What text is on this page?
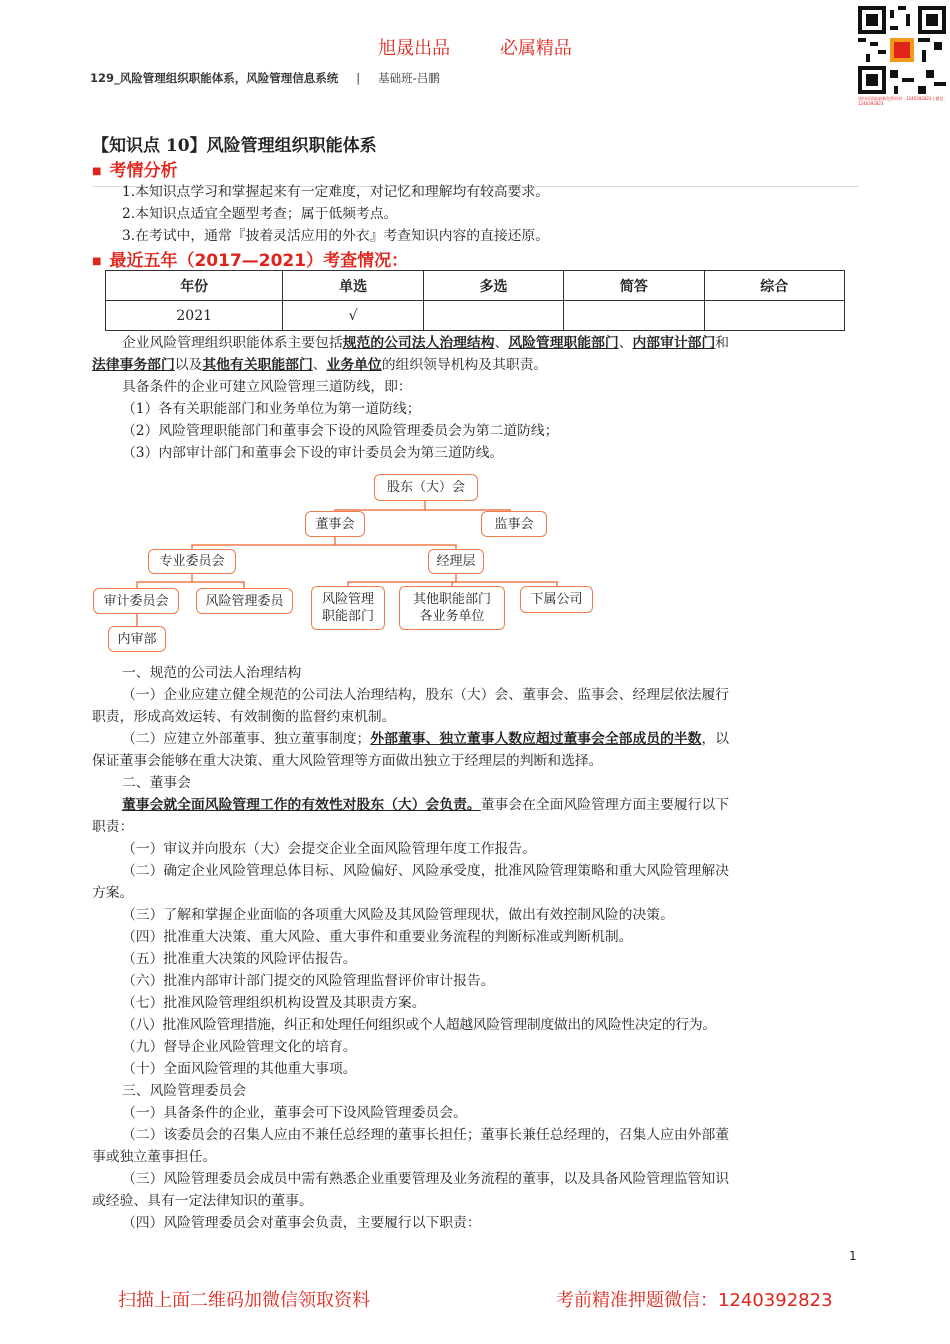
旭晟出品	必属精品
129_风险管理组织职能体系，风险管理信息系统 | 基础班-吕鹏
请扫码领取最新免费资料：1240392823 | 微信：1240392823
【知识点 10】风险管理组织职能体系
■ 考情分析
1.本知识点学习和掌握起来有一定难度，对记忆和理解均有较高要求。
2.本知识点适宜全题型考查；属于低频考点。
3.在考试中，通常『披着灵活应用的外衣』考查知识内容的直接还原。
■ 最近五年（2017—2021）考查情况：
年份	单选	多选	简答	综合
2021	√			
企业风险管理组织职能体系主要包括规范的公司法人治理结构、风险管理职能部门、内部审计部门和
法律事务部门以及其他有关职能部门、业务单位的组织领导机构及其职责。
具备条件的企业可建立风险管理三道防线，即：
（1）各有关职能部门和业务单位为第一道防线；
（2）风险管理职能部门和董事会下设的风险管理委员会为第二道防线；
（3）内部审计部门和董事会下设的审计委员会为第三道防线。
股东（大）会
董事会	监事会
专业委员会	经理层
审计委员会	风险管理委员
内审部
风险管理
职能部门
其他职能部门
各业务单位
下属公司
一、规范的公司法人治理结构
（一）企业应建立健全规范的公司法人治理结构，股东（大）会、董事会、监事会、经理层依法履行
职责，形成高效运转、有效制衡的监督约束机制。
（二）应建立外部董事、独立董事制度；外部董事、独立董事人数应超过董事会全部成员的半数，以
保证董事会能够在重大决策、重大风险管理等方面做出独立于经理层的判断和选择。
二、董事会
董事会就全面风险管理工作的有效性对股东（大）会负责。董事会在全面风险管理方面主要履行以下
职责：
（一）审议并向股东（大）会提交企业全面风险管理年度工作报告。
（二）确定企业风险管理总体目标、风险偏好、风险承受度，批准风险管理策略和重大风险管理解决
方案。
（三）了解和掌握企业面临的各项重大风险及其风险管理现状，做出有效控制风险的决策。
（四）批准重大决策、重大风险、重大事件和重要业务流程的判断标准或判断机制。
（五）批准重大决策的风险评估报告。
（六）批准内部审计部门提交的风险管理监督评价审计报告。
（七）批准风险管理组织机构设置及其职责方案。
（八）批准风险管理措施，纠正和处理任何组织或个人超越风险管理制度做出的风险性决定的行为。
（九）督导企业风险管理文化的培育。
（十）全面风险管理的其他重大事项。
三、风险管理委员会
（一）具备条件的企业，董事会可下设风险管理委员会。
（二）该委员会的召集人应由不兼任总经理的董事长担任；董事长兼任总经理的，召集人应由外部董
事或独立董事担任。
（三）风险管理委员会成员中需有熟悉企业重要管理及业务流程的董事，以及具备风险管理监管知识
或经验、具有一定法律知识的董事。
（四）风险管理委员会对董事会负责，主要履行以下职责：
1
扫描上面二维码加微信领取资料	考前精准押题微信：1240392823
